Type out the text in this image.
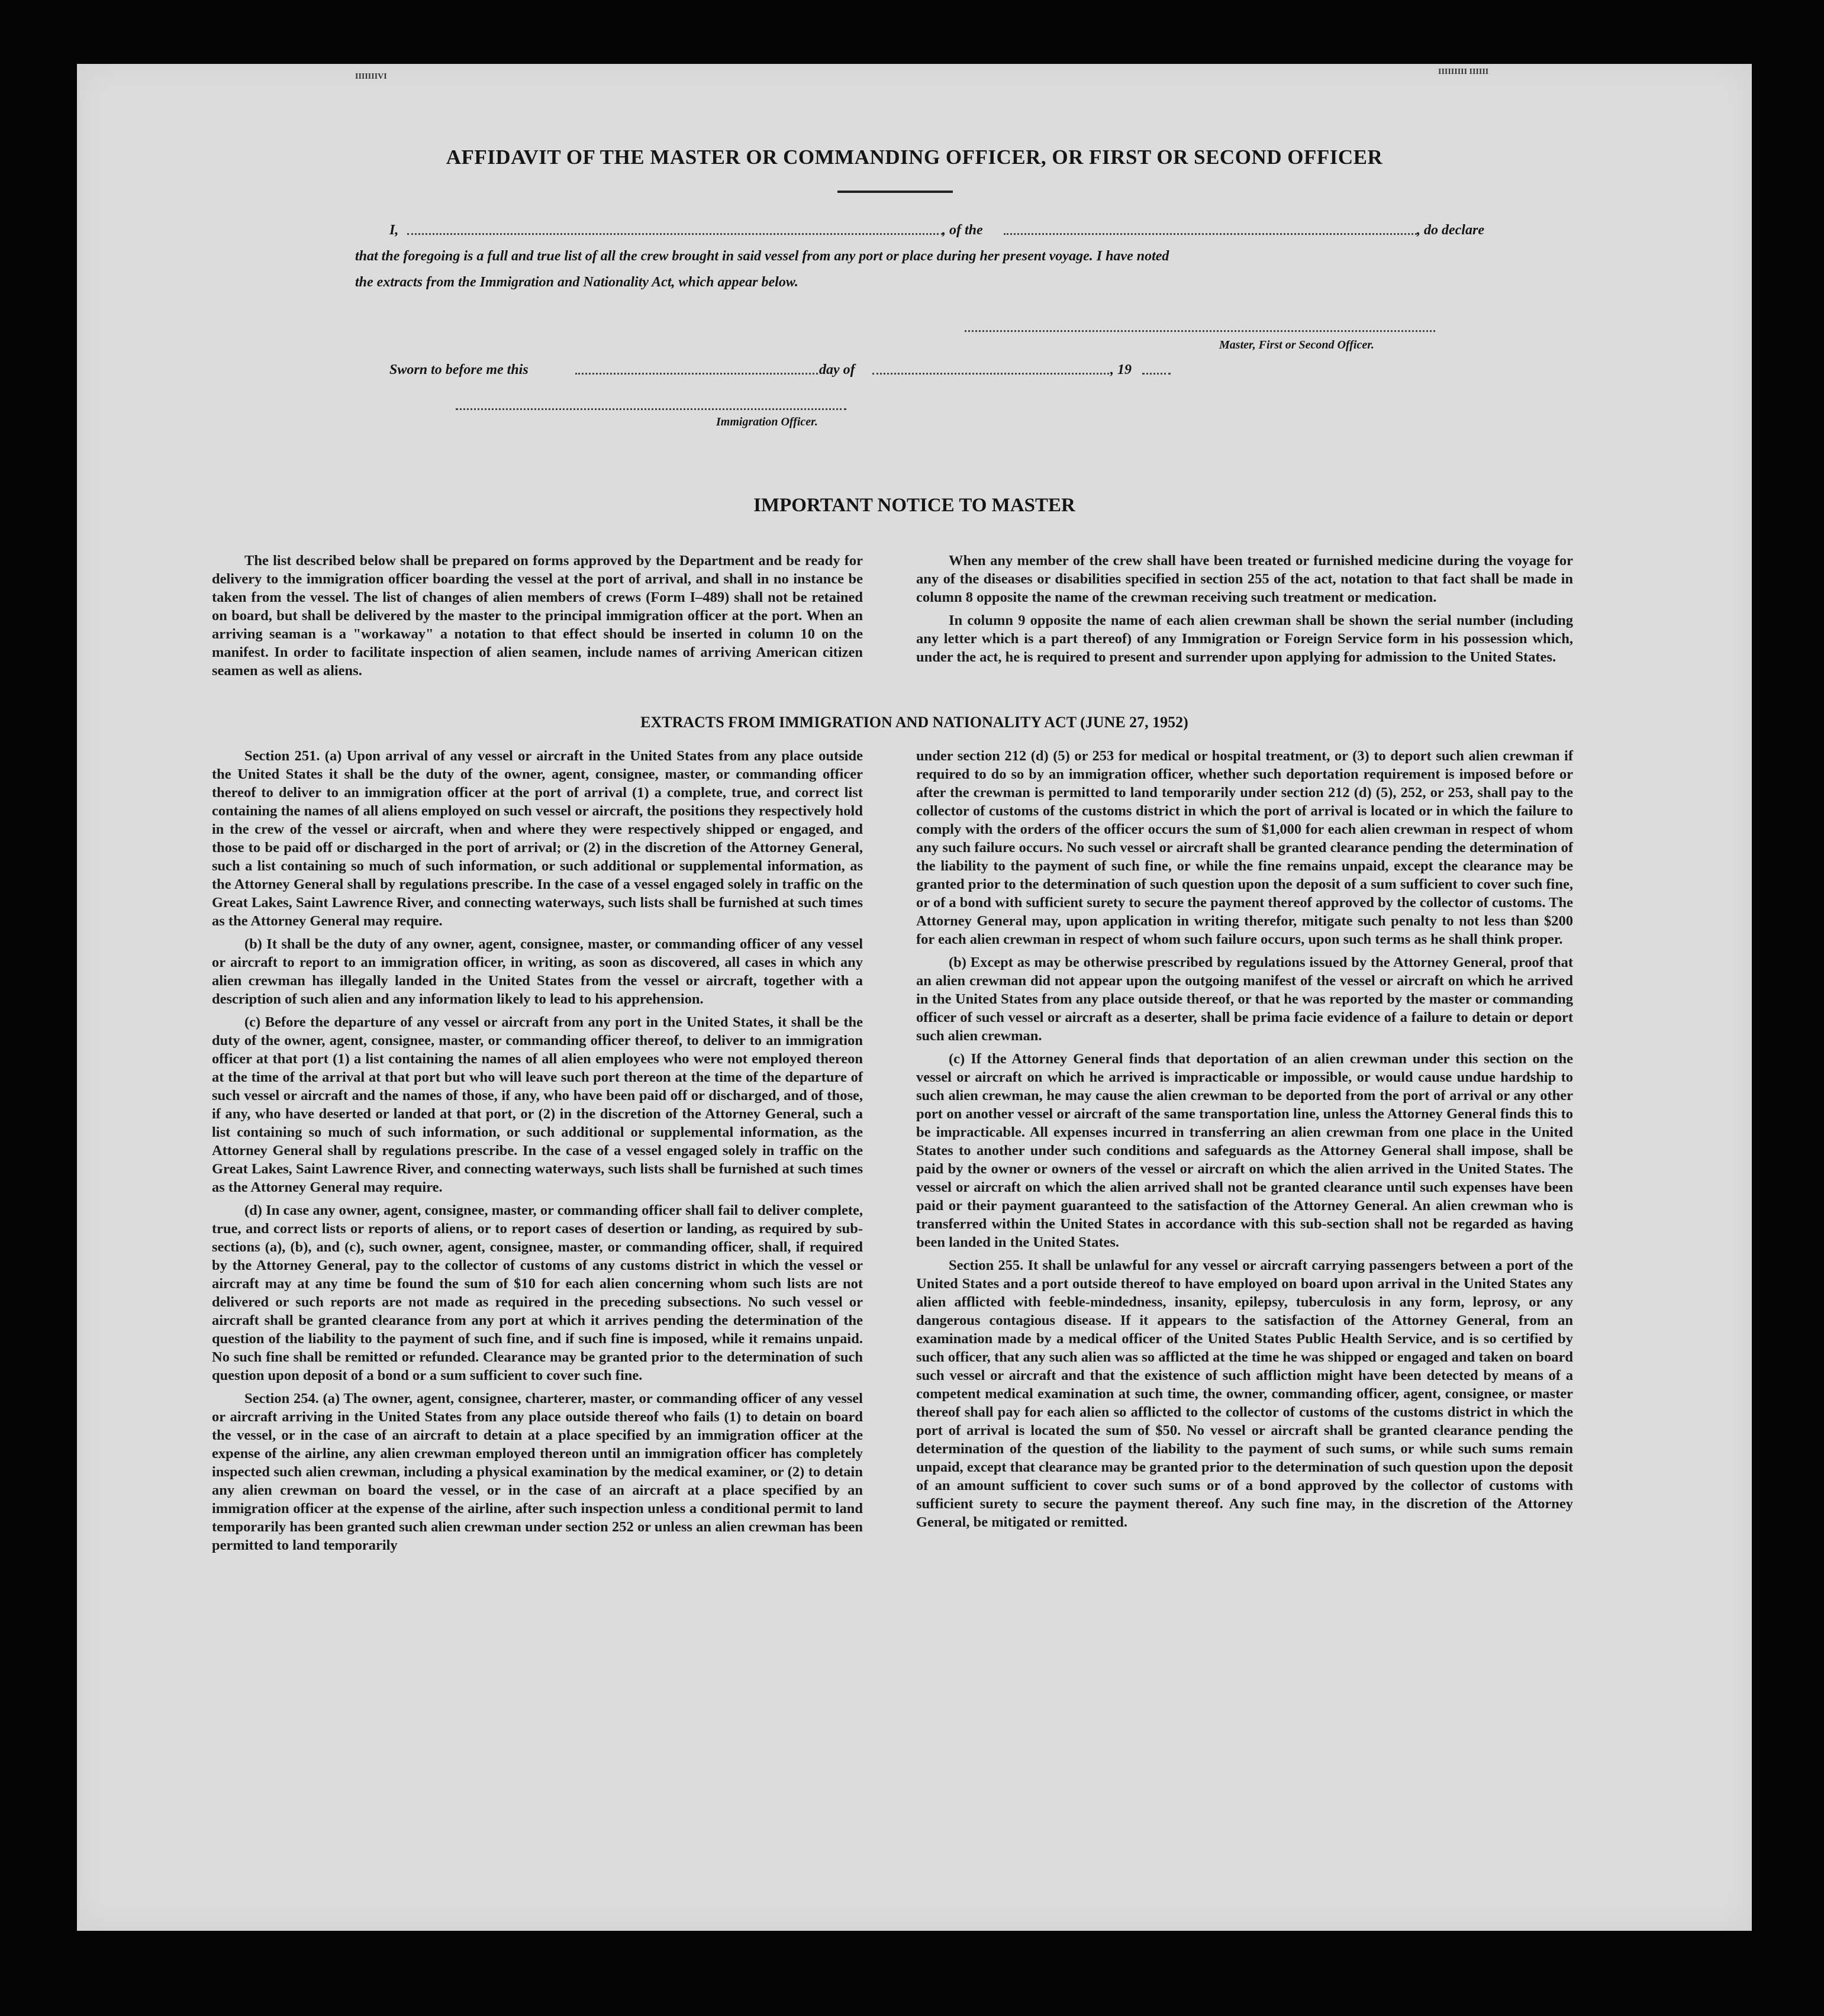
IIIIIIIVI
IIIIIIIII IIIIII
AFFIDAVIT OF THE MASTER OR COMMANDING OFFICER, OR FIRST OR SECOND OFFICER
I,	, of the	, do declare
that the foregoing is a full and true list of all the crew brought in said vessel from any port or place during her present voyage. I have noted
the extracts from the Immigration and Nationality Act, which appear below.
Master, First or Second Officer.
Sworn to before me this	day of	, 19
Immigration Officer.
IMPORTANT NOTICE TO MASTER

The list described below shall be prepared on forms approved by the Department and be ready for delivery to the immigration officer boarding the vessel at the port of arrival, and shall in no instance be taken from the vessel. The list of changes of alien members of crews (Form I–489) shall not be retained on board, but shall be delivered by the master to the principal immigration officer at the port. When an arriving seaman is a "workaway" a notation to that effect should be inserted in column 10 on the manifest. In order to facilitate inspection of alien seamen, include names of arriving American citizen seamen as well as aliens.

When any member of the crew shall have been treated or furnished medicine during the voyage for any of the diseases or disabilities specified in section 255 of the act, notation to that fact shall be made in column 8 opposite the name of the crewman receiving such treatment or medication.

In column 9 opposite the name of each alien crewman shall be shown the serial number (including any letter which is a part thereof) of any Immigration or Foreign Service form in his possession which, under the act, he is required to present and surrender upon applying for admission to the United States.

EXTRACTS FROM IMMIGRATION AND NATIONALITY ACT (JUNE 27, 1952)

Section 251. (a) Upon arrival of any vessel or aircraft in the United States from any place outside the United States it shall be the duty of the owner, agent, consignee, master, or commanding officer thereof to deliver to an immigration officer at the port of arrival (1) a complete, true, and correct list containing the names of all aliens employed on such vessel or aircraft, the positions they respectively hold in the crew of the vessel or aircraft, when and where they were respectively shipped or engaged, and those to be paid off or discharged in the port of arrival; or (2) in the discretion of the Attorney General, such a list containing so much of such information, or such additional or supplemental information, as the Attorney General shall by regulations prescribe. In the case of a vessel engaged solely in traffic on the Great Lakes, Saint Lawrence River, and connecting waterways, such lists shall be furnished at such times as the Attorney General may require.

(b) It shall be the duty of any owner, agent, consignee, master, or commanding officer of any vessel or aircraft to report to an immigration officer, in writing, as soon as discovered, all cases in which any alien crewman has illegally landed in the United States from the vessel or aircraft, together with a description of such alien and any information likely to lead to his apprehension.

(c) Before the departure of any vessel or aircraft from any port in the United States, it shall be the duty of the owner, agent, consignee, master, or commanding officer thereof, to deliver to an immigration officer at that port (1) a list containing the names of all alien employees who were not employed thereon at the time of the arrival at that port but who will leave such port thereon at the time of the departure of such vessel or aircraft and the names of those, if any, who have been paid off or discharged, and of those, if any, who have deserted or landed at that port, or (2) in the discretion of the Attorney General, such a list containing so much of such information, or such additional or supplemental information, as the Attorney General shall by regulations prescribe. In the case of a vessel engaged solely in traffic on the Great Lakes, Saint Lawrence River, and connecting waterways, such lists shall be furnished at such times as the Attorney General may require.

(d) In case any owner, agent, consignee, master, or commanding officer shall fail to deliver complete, true, and correct lists or reports of aliens, or to report cases of desertion or landing, as required by sub-sections (a), (b), and (c), such owner, agent, consignee, master, or commanding officer, shall, if required by the Attorney General, pay to the collector of customs of any customs district in which the vessel or aircraft may at any time be found the sum of $10 for each alien concerning whom such lists are not delivered or such reports are not made as required in the preceding subsections. No such vessel or aircraft shall be granted clearance from any port at which it arrives pending the determination of the question of the liability to the payment of such fine, and if such fine is imposed, while it remains unpaid. No such fine shall be remitted or refunded. Clearance may be granted prior to the determination of such question upon deposit of a bond or a sum sufficient to cover such fine.

Section 254. (a) The owner, agent, consignee, charterer, master, or commanding officer of any vessel or aircraft arriving in the United States from any place outside thereof who fails (1) to detain on board the vessel, or in the case of an aircraft to detain at a place specified by an immigration officer at the expense of the airline, any alien crewman employed thereon until an immigration officer has completely inspected such alien crewman, including a physical examination by the medical examiner, or (2) to detain any alien crewman on board the vessel, or in the case of an aircraft at a place specified by an immigration officer at the expense of the airline, after such inspection unless a conditional permit to land temporarily has been granted such alien crewman under section 252 or unless an alien crewman has been permitted to land temporarily

under section 212 (d) (5) or 253 for medical or hospital treatment, or (3) to deport such alien crewman if required to do so by an immigration officer, whether such deportation requirement is imposed before or after the crewman is permitted to land temporarily under section 212 (d) (5), 252, or 253, shall pay to the collector of customs of the customs district in which the port of arrival is located or in which the failure to comply with the orders of the officer occurs the sum of $1,000 for each alien crewman in respect of whom any such failure occurs. No such vessel or aircraft shall be granted clearance pending the determination of the liability to the payment of such fine, or while the fine remains unpaid, except the clearance may be granted prior to the determination of such question upon the deposit of a sum sufficient to cover such fine, or of a bond with sufficient surety to secure the payment thereof approved by the collector of customs. The Attorney General may, upon application in writing therefor, mitigate such penalty to not less than $200 for each alien crewman in respect of whom such failure occurs, upon such terms as he shall think proper.

(b) Except as may be otherwise prescribed by regulations issued by the Attorney General, proof that an alien crewman did not appear upon the outgoing manifest of the vessel or aircraft on which he arrived in the United States from any place outside thereof, or that he was reported by the master or commanding officer of such vessel or aircraft as a deserter, shall be prima facie evidence of a failure to detain or deport such alien crewman.

(c) If the Attorney General finds that deportation of an alien crewman under this section on the vessel or aircraft on which he arrived is impracticable or impossible, or would cause undue hardship to such alien crewman, he may cause the alien crewman to be deported from the port of arrival or any other port on another vessel or aircraft of the same transportation line, unless the Attorney General finds this to be impracticable. All expenses incurred in transferring an alien crewman from one place in the United States to another under such conditions and safeguards as the Attorney General shall impose, shall be paid by the owner or owners of the vessel or aircraft on which the alien arrived in the United States. The vessel or aircraft on which the alien arrived shall not be granted clearance until such expenses have been paid or their payment guaranteed to the satisfaction of the Attorney General. An alien crewman who is transferred within the United States in accordance with this sub-section shall not be regarded as having been landed in the United States.

Section 255. It shall be unlawful for any vessel or aircraft carrying passengers between a port of the United States and a port outside thereof to have employed on board upon arrival in the United States any alien afflicted with feeble-mindedness, insanity, epilepsy, tuberculosis in any form, leprosy, or any dangerous contagious disease. If it appears to the satisfaction of the Attorney General, from an examination made by a medical officer of the United States Public Health Service, and is so certified by such officer, that any such alien was so afflicted at the time he was shipped or engaged and taken on board such vessel or aircraft and that the existence of such affliction might have been detected by means of a competent medical examination at such time, the owner, commanding officer, agent, consignee, or master thereof shall pay for each alien so afflicted to the collector of customs of the customs district in which the port of arrival is located the sum of $50. No vessel or aircraft shall be granted clearance pending the determination of the question of the liability to the payment of such sums, or while such sums remain unpaid, except that clearance may be granted prior to the determination of such question upon the deposit of an amount sufficient to cover such sums or of a bond approved by the collector of customs with sufficient surety to secure the payment thereof. Any such fine may, in the discretion of the Attorney General, be mitigated or remitted.
